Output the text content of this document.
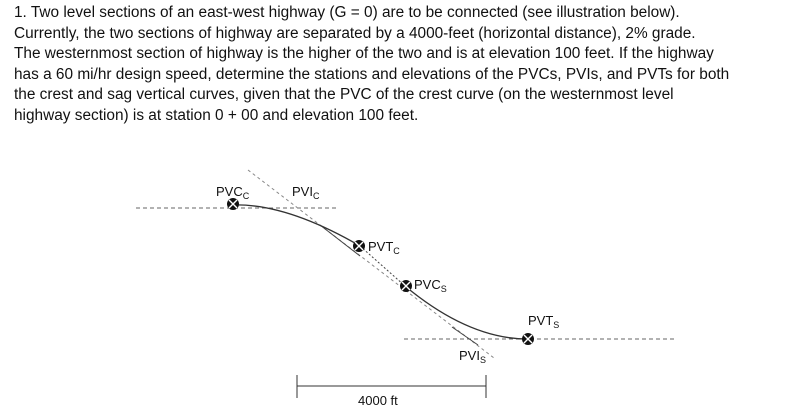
1. Two level sections of an east-west highway (G = 0) are to be connected (see illustration below).
Currently, the two sections of highway are separated by a 4000-feet (horizontal distance), 2% grade.
The westernmost section of highway is the higher of the two and is at elevation 100 feet. If the highway
has a 60 mi/hr design speed, determine the stations and elevations of the PVCs, PVIs, and PVTs for both
the crest and sag vertical curves, given that the PVC of the crest curve (on the westernmost level
highway section) is at station 0 + 00 and elevation 100 feet.
$PVC_C$	$PVI_C$
$PVT_C$
$PVC_S$
$PVT_S$
$PVI_S$
4000 ft
